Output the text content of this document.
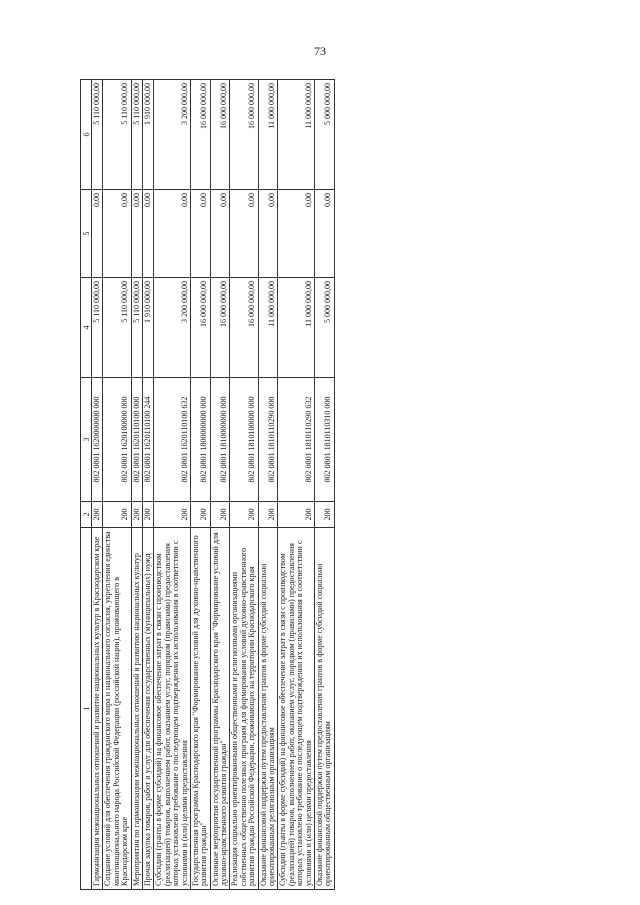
73
1	2	3	4	5	6
Гармонизация межнациональных отношений и развитие национальных культур в Краснодарском крае	200	802 0801 1620000000 000	5 110 000,00	0,00	5 110 000,00
Создание условий для обеспечения гражданского мира и национального согласия, укрепления единства многонационального народа Российской Федерации (российской нации), проживающего в Краснодарском крае	200	802 0801 1620100000 000	5 110 000,00	0,00	5 110 000,00
Мероприятия по гармонизации межнациональных отношений и развитию национальных культур	200	802 0801 1620110100 000	5 110 000,00	0,00	5 110 000,00
Прочая закупка товаров, работ и услуг для обеспечения государственных (муниципальных) нужд	200	802 0801 1620110100 244	1 910 000,00	0,00	1 910 000,00
Субсидии (гранты в форме субсидий) на финансовое обеспечение затрат в связи с производством (реализацией) товаров, выполнением работ, оказанием услуг, порядком (правилами) предоставления которых установлено требование о последующем подтверждении их использования в соответствии с условиями и (или) целями предоставления	200	802 0801 1620110100 632	3 200 000,00	0,00	3 200 000,00
Государственная программа Краснодарского края "Формирование условий для духовно-нравственного развития граждан"	200	802 0801 1800000000 000	16 000 000,00	0,00	16 000 000,00
Основные мероприятия государственной программы Краснодарского края "Формирование условий для духовно-нравственного развития граждан"	200	802 0801 1810000000 000	16 000 000,00	0,00	16 000 000,00
Реализация социально ориентированными общественными и религиозными организациями собственных общественно полезных программ для формирования условий духовно-нравственного развития граждан Российской Федерации, проживающих на территории Краснодарского края	200	802 0801 1810100000 000	16 000 000,00	0,00	16 000 000,00
Оказание финансовой поддержки путем предоставления грантов в форме субсидий социально ориентированным религиозным организациям	200	802 0801 1810110290 000	11 000 000,00	0,00	11 000 000,00
Субсидии (гранты в форме субсидий) на финансовое обеспечение затрат в связи с производством (реализацией) товаров, выполнением работ, оказанием услуг, порядком (правилами) предоставления которых установлено требование о последующем подтверждении их использования в соответствии с условиями и (или) целями предоставления	200	802 0801 1810110290 632	11 000 000,00	0,00	11 000 000,00
Оказание финансовой поддержки путем предоставления грантов в форме субсидий социально ориентированным общественным организациям	200	802 0801 1810110310 000	5 000 000,00	0,00	5 000 000,00
